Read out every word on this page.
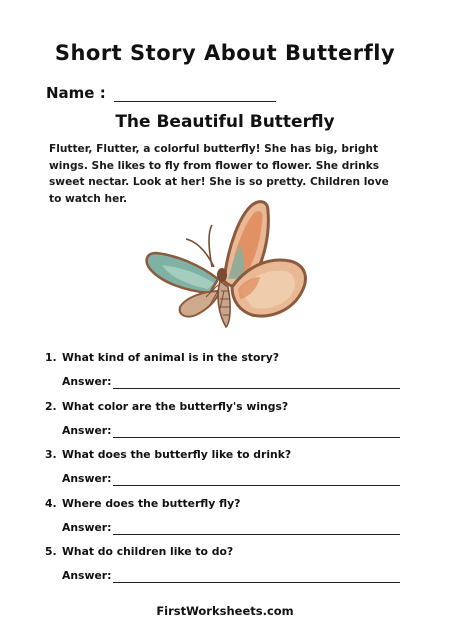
Short Story About Butterfly
Name :
The Beautiful Butterfly
Flutter, Flutter, a colorful butterfly! She has big, bright wings. She likes to fly from flower to flower. She drinks sweet nectar. Look at her! She is so pretty. Children love to watch her.
1. What kind of animal is in the story?
Answer:
2. What color are the butterfly's wings?
Answer:
3. What does the butterfly like to drink?
Answer:
4. Where does the butterfly fly?
Answer:
5. What do children like to do?
Answer:
FirstWorksheets.com
